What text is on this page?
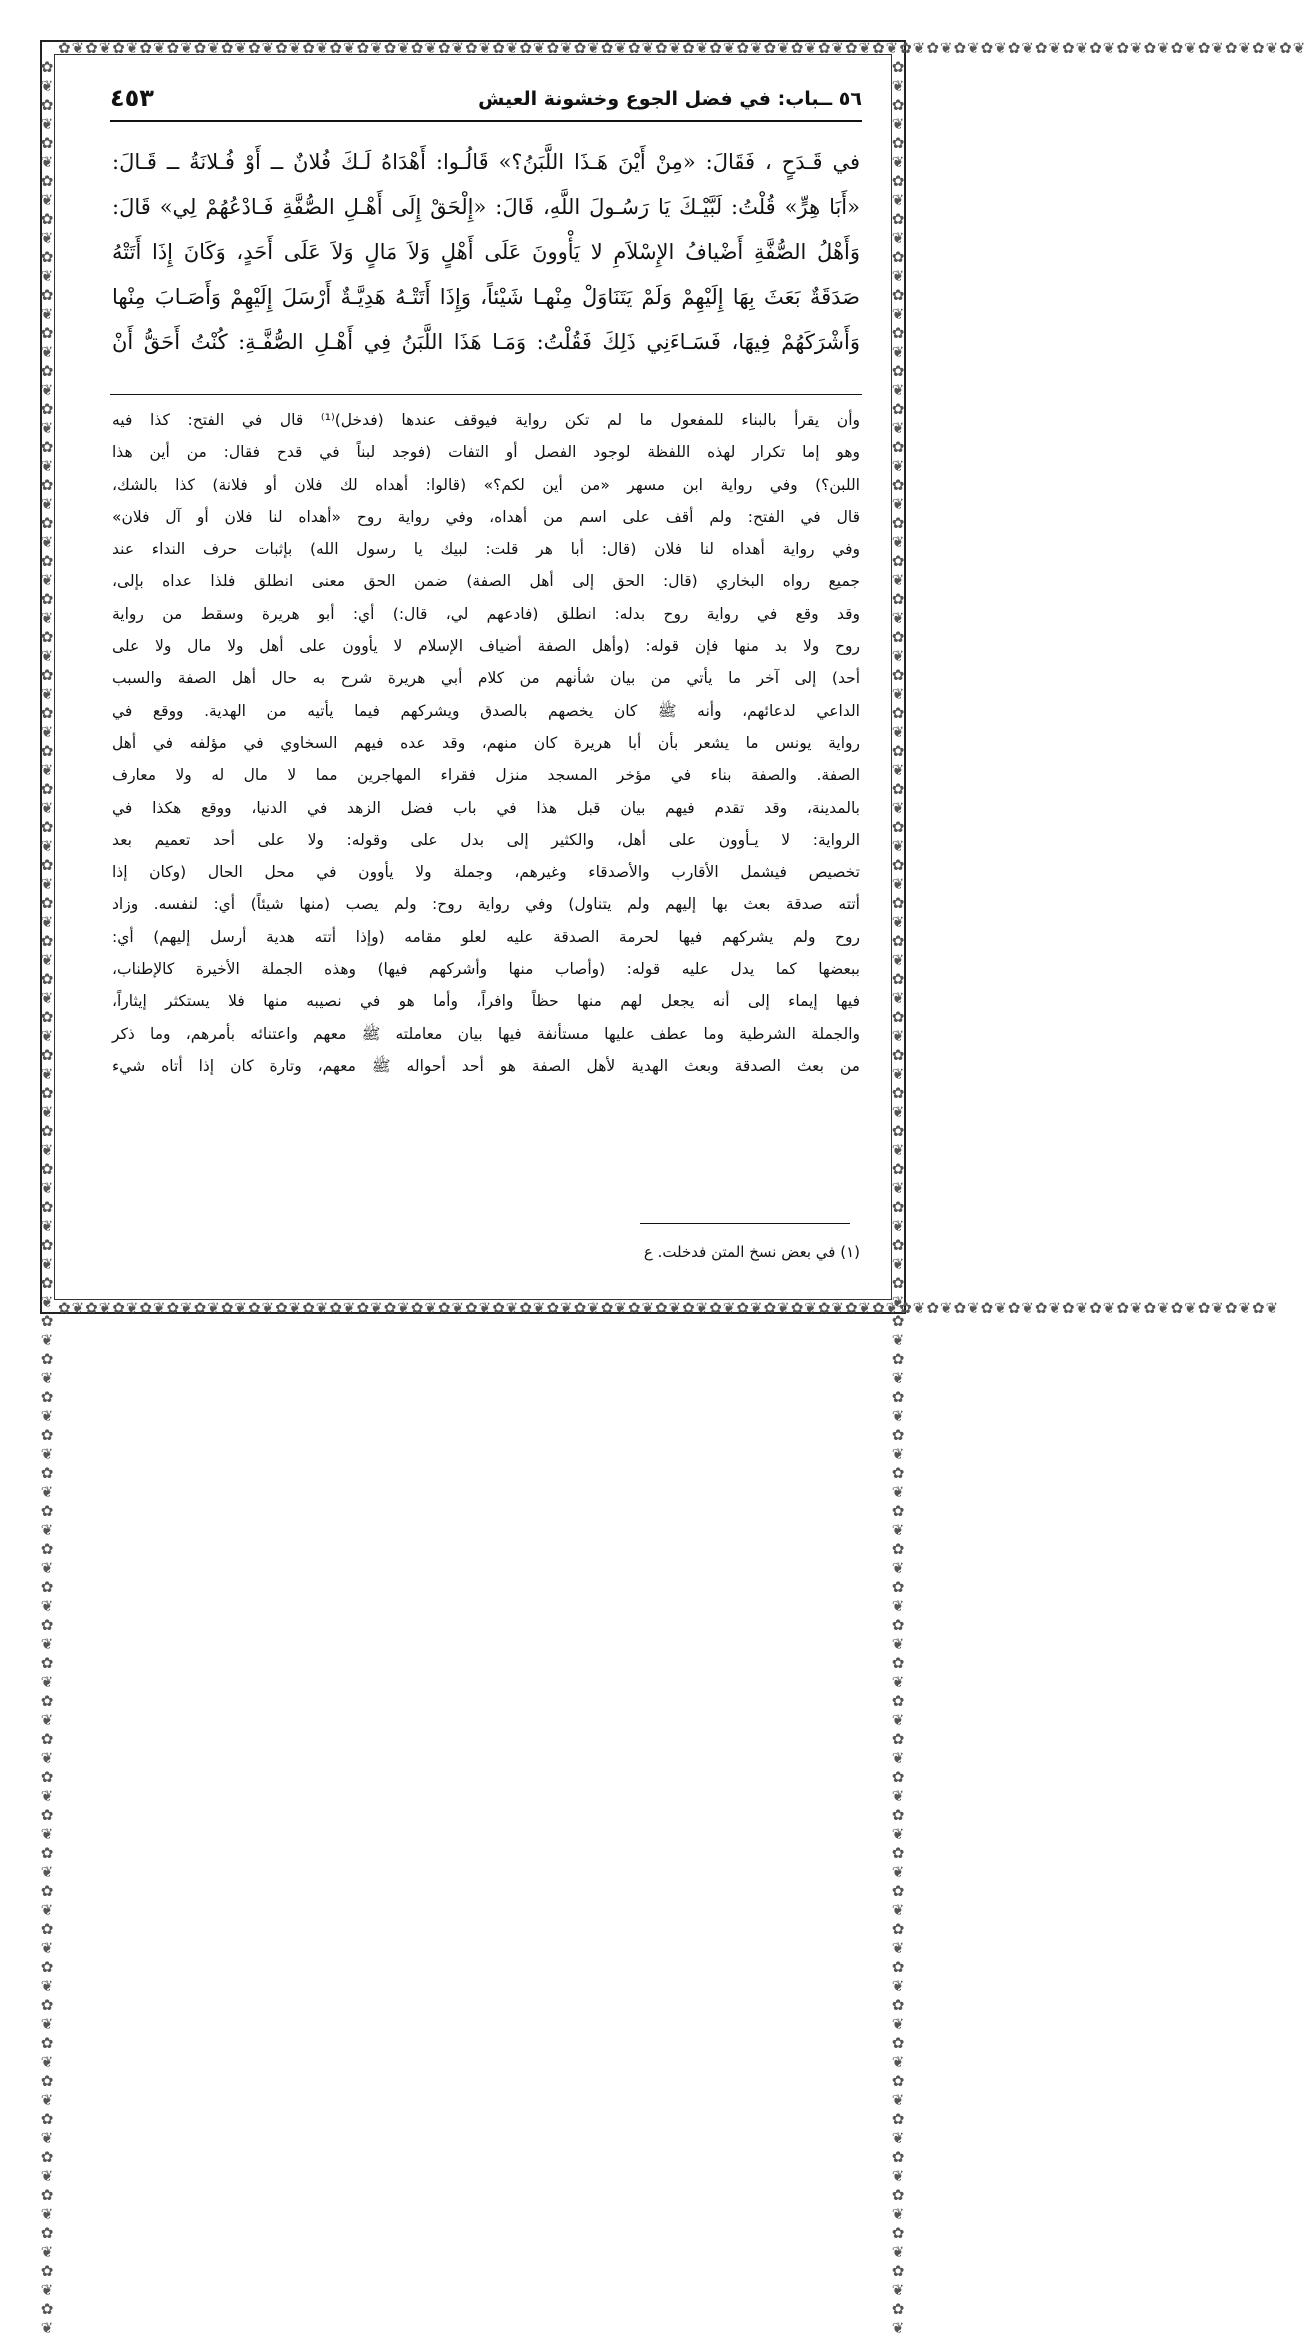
✿❦✿❦✿❦✿❦✿❦✿❦✿❦✿❦✿❦✿❦✿❦✿❦✿❦✿❦✿❦✿❦✿❦✿❦✿❦✿❦✿❦✿❦✿❦✿❦✿❦✿❦✿❦✿❦✿❦✿❦✿❦✿❦✿❦✿❦✿❦✿❦✿❦✿❦✿❦✿❦✿❦✿❦✿❦✿❦✿❦✿❦
✿❦✿❦✿❦✿❦✿❦✿❦✿❦✿❦✿❦✿❦✿❦✿❦✿❦✿❦✿❦✿❦✿❦✿❦✿❦✿❦✿❦✿❦✿❦✿❦✿❦✿❦✿❦✿❦✿❦✿❦✿❦✿❦✿❦✿❦✿❦✿❦✿❦✿❦✿❦✿❦✿❦✿❦✿❦✿❦✿❦
✿❦✿❦✿❦✿❦✿❦✿❦✿❦✿❦✿❦✿❦✿❦✿❦✿❦✿❦✿❦✿❦✿❦✿❦✿❦✿❦✿❦✿❦✿❦✿❦✿❦✿❦✿❦✿❦✿❦✿❦✿❦✿❦✿❦✿❦✿❦✿❦✿❦✿❦✿❦✿❦✿❦✿❦✿❦✿❦✿❦✿❦✿❦✿❦✿❦✿❦✿❦✿❦✿❦✿❦✿❦✿❦✿❦✿❦✿❦✿❦	✿❦✿❦✿❦✿❦✿❦✿❦✿❦✿❦✿❦✿❦✿❦✿❦✿❦✿❦✿❦✿❦✿❦✿❦✿❦✿❦✿❦✿❦✿❦✿❦✿❦✿❦✿❦✿❦✿❦✿❦✿❦✿❦✿❦✿❦✿❦✿❦✿❦✿❦✿❦✿❦✿❦✿❦✿❦✿❦✿❦✿❦✿❦✿❦✿❦✿❦✿❦✿❦✿❦✿❦✿❦✿❦✿❦✿❦✿❦✿❦
٥٦ ــباب: في فضل الجوع وخشونة العيش
٤٥٣
في قَـدَحٍ ، فَقَالَ: «مِنْ أَيْنَ هَـذَا اللَّبَنُ؟» قَالُـوا: أَهْدَاهُ لَـكَ فُلانٌ ــ أَوْ فُـلانَةُ ــ قَـالَ:
«أَبَا هِرٍّ» قُلْتُ: لَبَّيْـكَ يَا رَسُـولَ اللَّهِ، قَالَ: «إِلْحَقْ إِلَى أَهْـلِ الصُّفَّةِ فَـادْعُهُمْ لِي» قَالَ:
وَأَهْلُ الصُّفَّةِ أَضْيافُ الإِسْلاَمِ لا يَأْوونَ عَلَى أَهْلٍ وَلاَ مَالٍ وَلاَ عَلَى أَحَدٍ، وَكَانَ إِذَا أَتَتْهُ
صَدَقَةٌ بَعَثَ بِهَا إِلَيْهِمْ وَلَمْ يَتَنَاوَلْ مِنْهـا شَيْئاً، وَإِذَا أَتَتْـهُ هَدِيَّـةٌ أَرْسَلَ إِلَيْهِمْ وَأَصَـابَ مِنْها
وَأَشْرَكَهُمْ فِيهَا، فَسَـاءَنِي ذَلِكَ فَقُلْتُ: وَمَـا هَذَا اللَّبَنُ فِي أَهْـلِ الصُّفَّـةِ: كُنْتُ أَحَقُّ أَنْ
وأن يقرأ بالبناء للمفعول ما لم تكن رواية فيوقف عندها (فدخل)⁽¹⁾ قال في الفتح: كذا فيه
وهو إما تكرار لهذه اللفظة لوجود الفصل أو التفات (فوجد لبناً في قدح فقال: من أين هذا
اللبن؟) وفي رواية ابن مسهر «من أين لكم؟» (قالوا: أهداه لك فلان أو فلانة) كذا بالشك،
قال في الفتح: ولم أقف على اسم من أهداه، وفي رواية روح «أهداه لنا فلان أو آل فلان»
وفي رواية أهداه لنا فلان (قال: أبا هر قلت: لبيك يا رسول الله) بإثبات حرف النداء عند
جميع رواه البخاري (قال: الحق إلى أهل الصفة) ضمن الحق معنى انطلق فلذا عداه بإلى،
وقد وقع في رواية روح بدله: انطلق (فادعهم لي، قال:) أي: أبو هريرة وسقط من رواية
روح ولا بد منها فإن قوله: (وأهل الصفة أضياف الإسلام لا يأوون على أهل ولا مال ولا على
أحد) إلى آخر ما يأتي من بيان شأنهم من كلام أبي هريرة شرح به حال أهل الصفة والسبب
الداعي لدعائهم، وأنه ﷺ كان يخصهم بالصدق ويشركهم فيما يأتيه من الهدية. ووقع في
رواية يونس ما يشعر بأن أبا هريرة كان منهم، وقد عده فيهم السخاوي في مؤلفه في أهل
الصفة. والصفة بناء في مؤخر المسجد منزل فقراء المهاجرين مما لا مال له ولا معارف
بالمدينة، وقد تقدم فيهم بيان قبل هذا في باب فضل الزهد في الدنيا، ووقع هكذا في
الرواية: لا يـأوون على أهل، والكثير إلى بدل على وقوله: ولا على أحد تعميم بعد
تخصيص فيشمل الأقارب والأصدقاء وغيرهم، وجملة ولا يأوون في محل الحال (وكان إذا
أتته صدقة بعث بها إليهم ولم يتناول) وفي رواية روح: ولم يصب (منها شيئاً) أي: لنفسه. وزاد
روح ولم يشركهم فيها لحرمة الصدقة عليه لعلو مقامه (وإذا أتته هدية أرسل إليهم) أي:
ببعضها كما يدل عليه قوله: (وأصاب منها وأشركهم فيها) وهذه الجملة الأخيرة كالإطناب،
فيها إيماء إلى أنه يجعل لهم منها حظاً وافراً، وأما هو في نصيبه منها فلا يستكثر إيثاراً،
والجملة الشرطية وما عطف عليها مستأنفة فيها بيان معاملته ﷺ معهم واعتنائه بأمرهم، وما ذكر
من بعث الصدقة وبعث الهدية لأهل الصفة هو أحد أحواله ﷺ معهم، وتارة كان إذا أتاه شيء
(١) في بعض نسخ المتن فدخلت. ع
